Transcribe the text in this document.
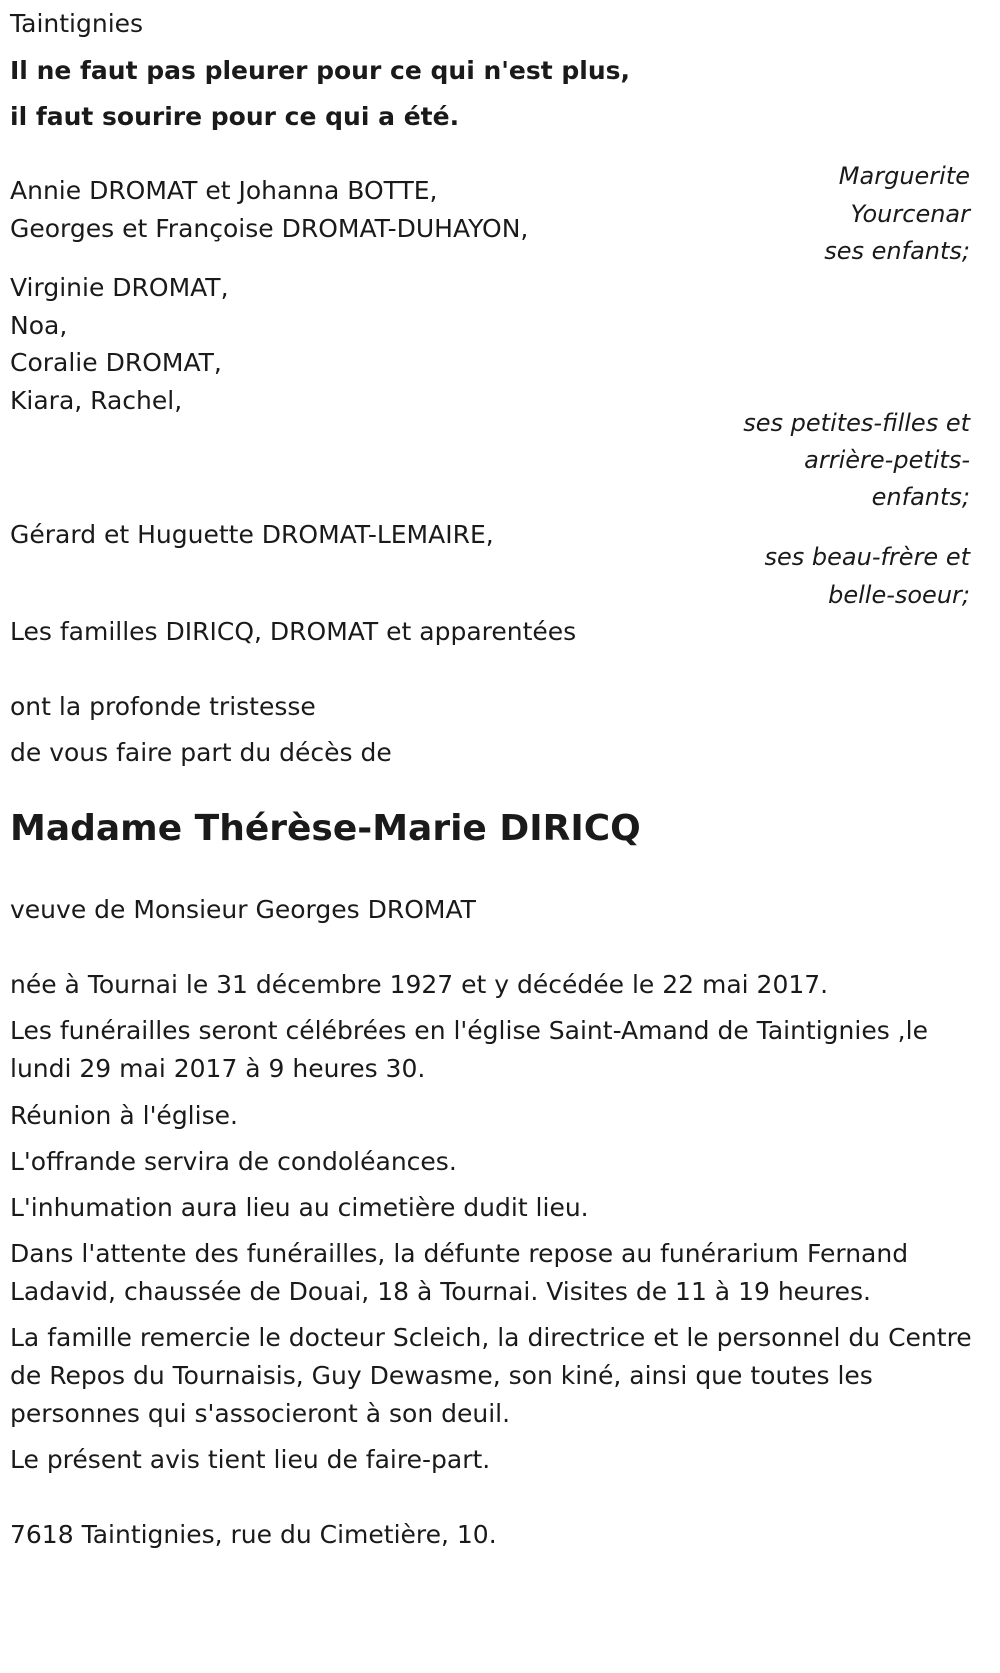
Taintignies

Il ne faut pas pleurer pour ce qui n'est plus,

il faut sourire pour ce qui a été.

Marguerite

Yourcenar

Annie DROMAT et Johanna BOTTE,

Georges et Françoise DROMAT-DUHAYON,

ses enfants;

Virginie DROMAT,

Noa,

Coralie DROMAT,

Kiara, Rachel,

ses petites-filles et

arrière-petits-

enfants;

Gérard et Huguette DROMAT-LEMAIRE,

ses beau-frère et

belle-soeur;

Les familles DIRICQ, DROMAT et apparentées

ont la profonde tristesse

de vous faire part du décès de

Madame Thérèse-Marie DIRICQ

veuve de Monsieur Georges DROMAT

née à Tournai le 31 décembre 1927 et y décédée le 22 mai 2017.

Les funérailles seront célébrées en l'église Saint-Amand de Taintignies ,le lundi 29 mai 2017 à 9 heures 30.

Réunion à l'église.

L'offrande servira de condoléances.

L'inhumation aura lieu au cimetière dudit lieu.

Dans l'attente des funérailles, la défunte repose au funérarium Fernand Ladavid, chaussée de Douai, 18 à Tournai. Visites de 11 à 19 heures.

La famille remercie le docteur Scleich, la directrice et le personnel du Centre de Repos du Tournaisis, Guy Dewasme, son kiné, ainsi que toutes les personnes qui s'associeront à son deuil.

Le présent avis tient lieu de faire-part.

7618 Taintignies, rue du Cimetière, 10.
